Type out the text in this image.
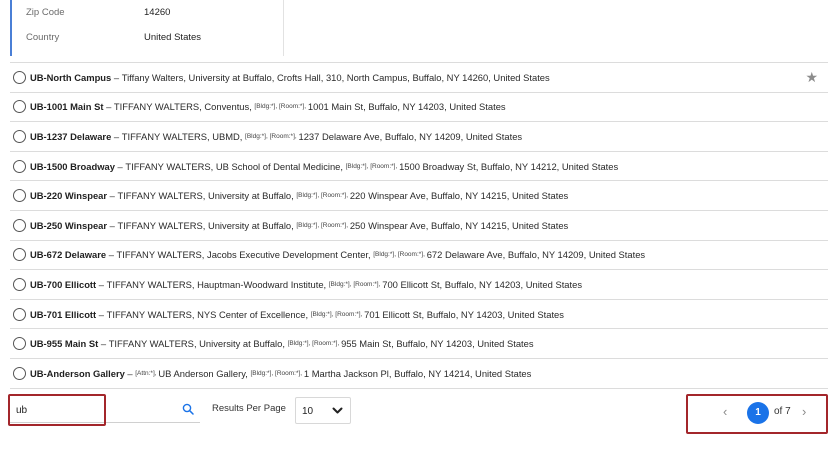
Zip Code	14260
Country	United States
UB-North Campus – Tiffany Walters, University at Buffalo, Crofts Hall, 310, North Campus, Buffalo, NY 14260, United States	★
UB-1001 Main St – TIFFANY WALTERS, Conventus, [Bldg:*], [Room:*], 1001 Main St, Buffalo, NY 14203, United States
UB-1237 Delaware – TIFFANY WALTERS, UBMD, [Bldg:*], [Room:*], 1237 Delaware Ave, Buffalo, NY 14209, United States
UB-1500 Broadway – TIFFANY WALTERS, UB School of Dental Medicine, [Bldg:*], [Room:*], 1500 Broadway St, Buffalo, NY 14212, United States
UB-220 Winspear – TIFFANY WALTERS, University at Buffalo, [Bldg:*], [Room:*], 220 Winspear Ave, Buffalo, NY 14215, United States
UB-250 Winspear – TIFFANY WALTERS, University at Buffalo, [Bldg:*], [Room:*], 250 Winspear Ave, Buffalo, NY 14215, United States
UB-672 Delaware – TIFFANY WALTERS, Jacobs Executive Development Center, [Bldg:*], [Room:*], 672 Delaware Ave, Buffalo, NY 14209, United States
UB-700 Ellicott – TIFFANY WALTERS, Hauptman-Woodward Institute, [Bldg:*], [Room:*], 700 Ellicott St, Buffalo, NY 14203, United States
UB-701 Ellicott – TIFFANY WALTERS, NYS Center of Excellence, [Bldg:*], [Room:*], 701 Ellicott St, Buffalo, NY 14203, United States
UB-955 Main St – TIFFANY WALTERS, University at Buffalo, [Bldg:*], [Room:*], 955 Main St, Buffalo, NY 14203, United States
UB-Anderson Gallery – [Attn:*], UB Anderson Gallery, [Bldg:*], [Room:*], 1 Martha Jackson Pl, Buffalo, NY 14214, United States
ub
Results Per Page 10	‹	1	of 7 ›
